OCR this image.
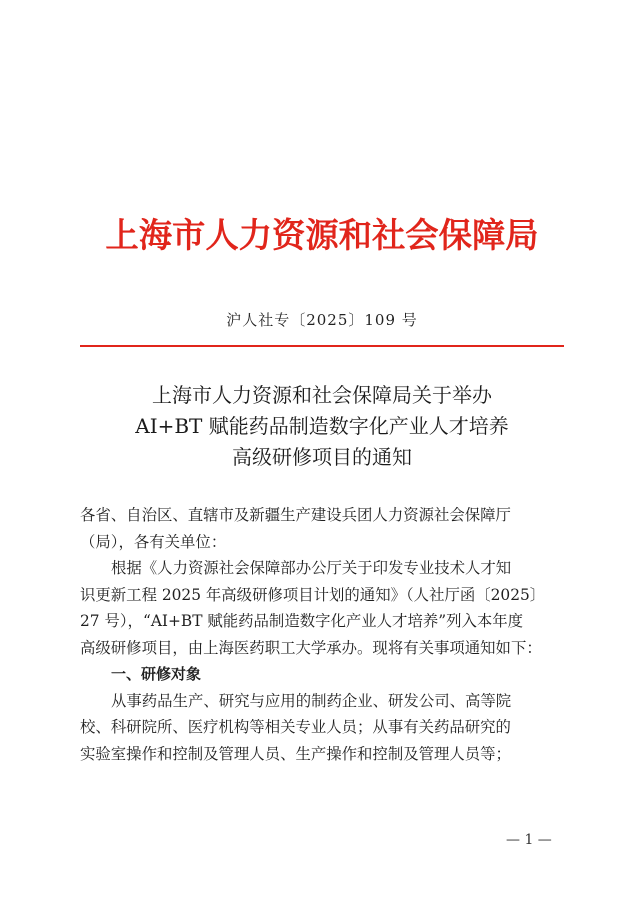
上海市人力资源和社会保障局
沪人社专〔2025〕109 号
上海市人力资源和社会保障局关于举办
AI+BT 赋能药品制造数字化产业人才培养
高级研修项目的通知
各省、自治区、直辖市及新疆生产建设兵团人力资源社会保障厅
（局），各有关单位：
根据《人力资源社会保障部办公厅关于印发专业技术人才知
识更新工程 2025 年高级研修项目计划的通知》（人社厅函〔2025〕
27 号），“AI+BT 赋能药品制造数字化产业人才培养”列入本年度
高级研修项目，由上海医药职工大学承办。现将有关事项通知如下：
一、研修对象
从事药品生产、研究与应用的制药企业、研发公司、高等院
校、科研院所、医疗机构等相关专业人员；从事有关药品研究的
实验室操作和控制及管理人员、生产操作和控制及管理人员等；
— 1 —
